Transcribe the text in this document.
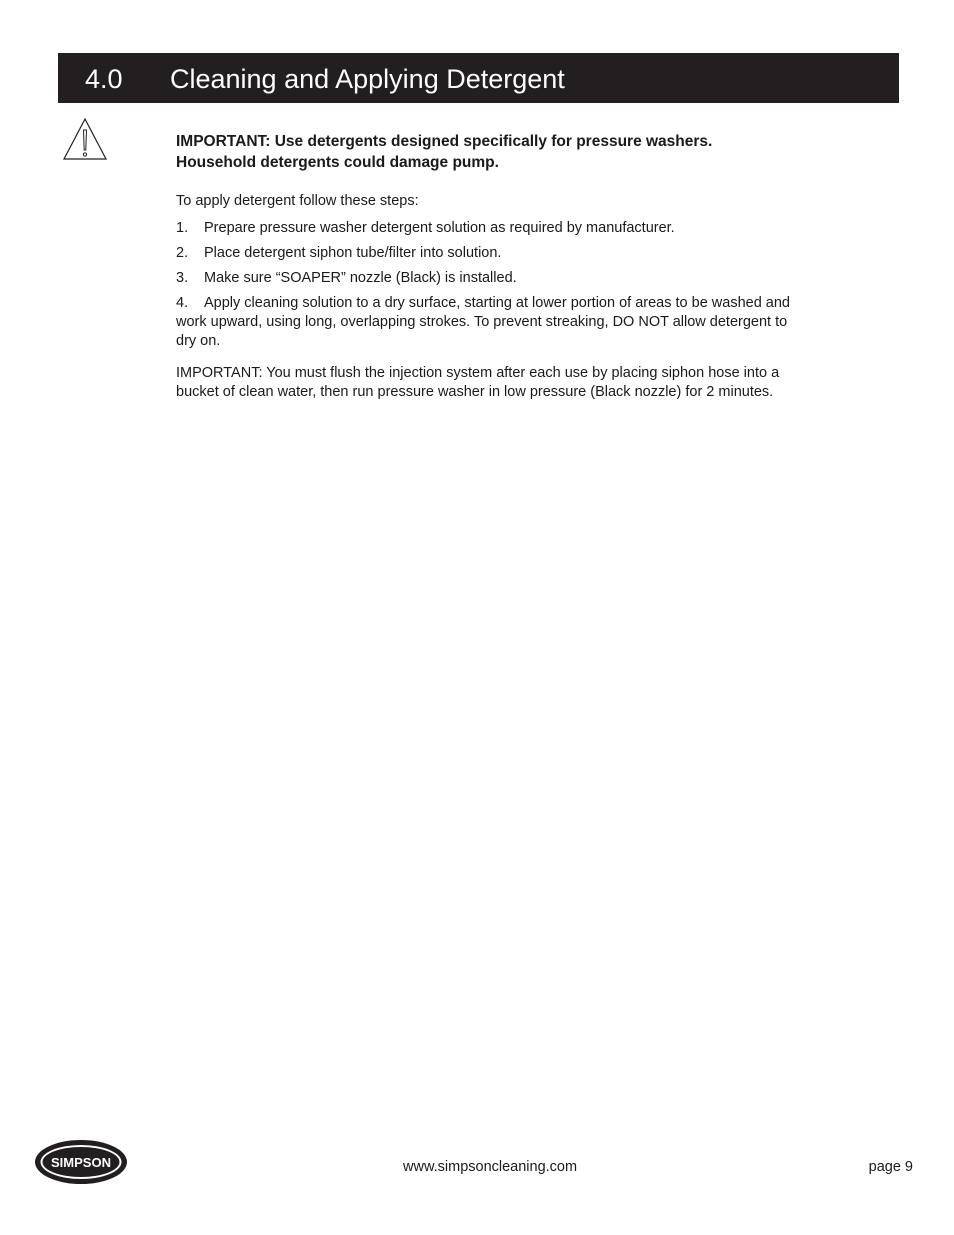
4.0 Cleaning and Applying Detergent
IMPORTANT: Use detergents designed specifically for pressure washers.
Household detergents could damage pump.
To apply detergent follow these steps:
1. Prepare pressure washer detergent solution as required by manufacturer.
2. Place detergent siphon tube/filter into solution.
3. Make sure “SOAPER” nozzle (Black) is installed.
4. Apply cleaning solution to a dry surface, starting at lower portion of areas to be washed and work upward, using long, overlapping strokes. To prevent streaking, DO NOT allow detergent to dry on.
IMPORTANT: You must flush the injection system after each use by placing siphon hose into a bucket of clean water, then run pressure washer in low pressure (Black nozzle) for 2 minutes.
SIMPSON	www.simpsoncleaning.com	page 9
